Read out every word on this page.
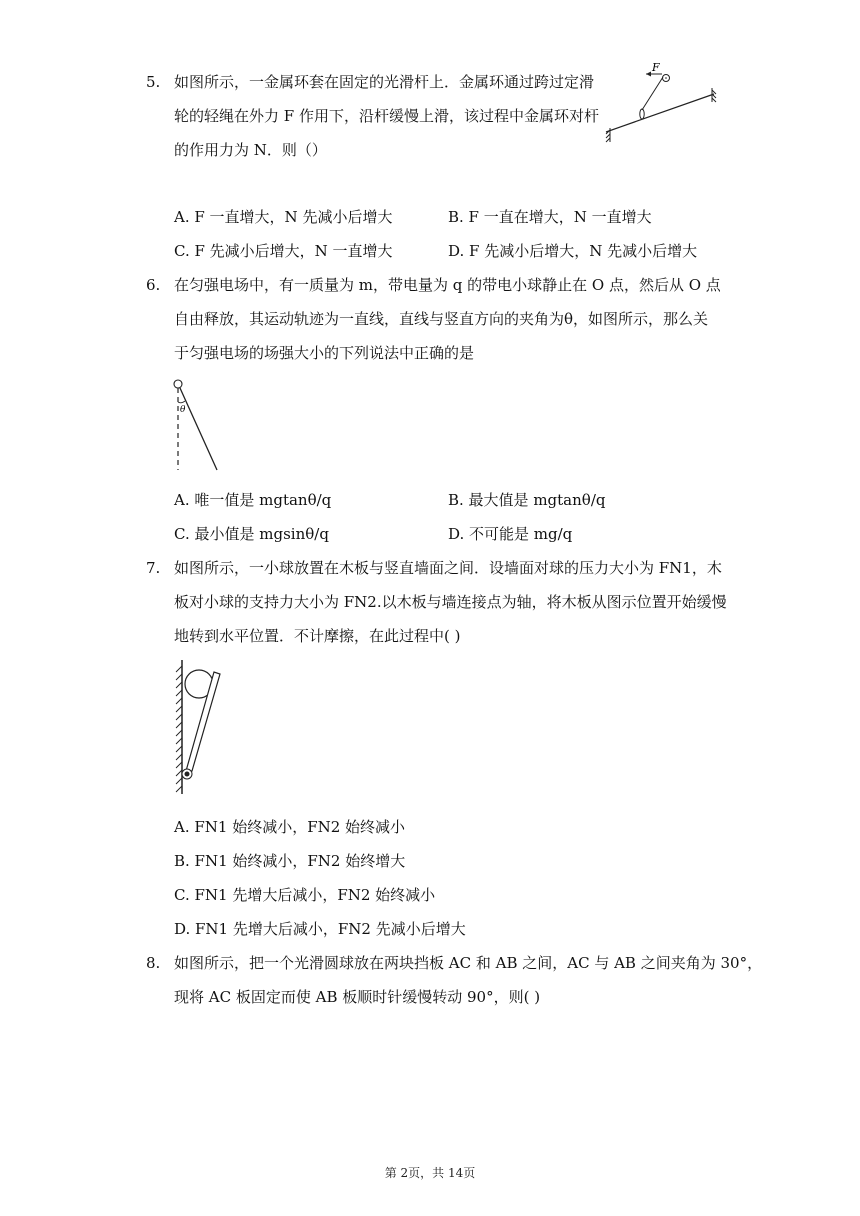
5. 如图所示，一金属环套在固定的光滑杆上．金属环通过跨过定滑
轮的轻绳在外力 F 作用下，沿杆缓慢上滑，该过程中金属环对杆
的作用力为 N．则（）
F
A. F 一直增大，N 先减小后增大	B. F 一直在增大，N 一直增大
C. F 先减小后增大，N 一直增大	D. F 先减小后增大，N 先减小后增大
6. 在匀强电场中，有一质量为 m，带电量为 q 的带电小球静止在 O 点，然后从 O 点
自由释放，其运动轨迹为一直线，直线与竖直方向的夹角为θ，如图所示，那么关
于匀强电场的场强大小的下列说法中正确的是
θ
A. 唯一值是 mgtanθ/q	B. 最大值是 mgtanθ/q
C. 最小值是 mgsinθ/q	D. 不可能是 mg/q
7. 如图所示，一小球放置在木板与竖直墙面之间．设墙面对球的压力大小为 FN1，木
板对小球的支持力大小为 FN2.以木板与墙连接点为轴，将木板从图示位置开始缓慢
地转到水平位置．不计摩擦，在此过程中( )
A. FN1 始终减小，FN2 始终减小
B. FN1 始终减小，FN2 始终增大
C. FN1 先增大后减小，FN2 始终减小
D. FN1 先增大后减小，FN2 先减小后增大
8. 如图所示，把一个光滑圆球放在两块挡板 AC 和 AB 之间，AC 与 AB 之间夹角为 30°，
现将 AC 板固定而使 AB 板顺时针缓慢转动 90°，则( )
第 2页，共 14页
